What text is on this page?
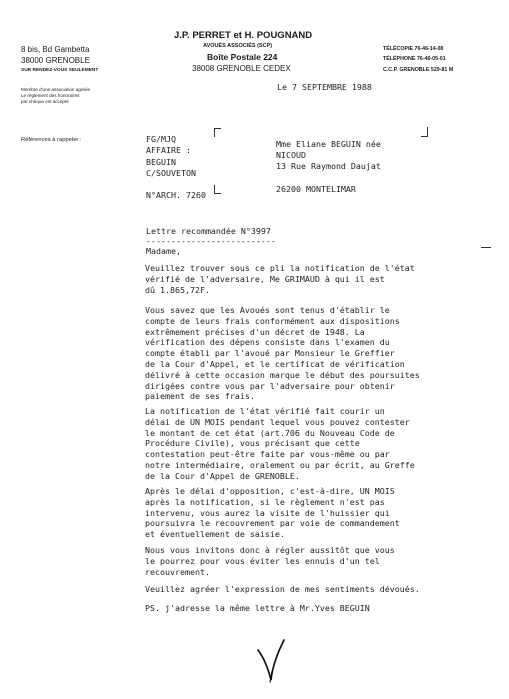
J.P. PERRET et H. POUGNAND
AVOUÉS ASSOCIÉS (SCP)
Boîte Postale 224
38008 GRENOBLE CEDEX
8 bis, Bd Gambetta
38000 GRENOBLE
SUR RENDEZ-VOUS SEULEMENT
TÉLÉCOPIE 76-46-14-08
TÉLÉPHONE 76-46-05-01
C.C.P. GRENOBLE 529-81 M
Membre d'une association agréée
Le règlement des honoraires
par chèque est accepté
Références à rappeler :
Le 7 SEPTEMBRE 1988
FG/MJQ
AFFAIRE :
BEGUIN
C/SOUVETON
N°ARCH. 7260
Mme Eliane BEGUIN née
NICOUD
13 Rue Raymond Daujat
26200 MONTELIMAR
Lettre recommandée N°3997
--------------------------
Madame,
Veuillez trouver sous ce pli la notification de l'état
vérifié de l'adversaire, Me GRIMAUD à qui il est
dû 1.865,72F.
Vous savez que les Avoués sont tenus d'établir le
compte de leurs frais conformément aux dispositions
extrêmement précises d'un décret de 1948. La
vérification des dépens consiste dans l'examen du
compte établi par l'avoué par Monsieur le Greffier
de la Cour d'Appel, et le certificat de vérification
délivré à cette occasion marque le début des poursuites
dirigées contre vous par l'adversaire pour obtenir
paiement de ses frais.
La notification de l'état vérifié fait courir un
délai de UN MOIS pendant lequel vous pouvez contester
le montant de cet état (art.706 du Nouveau Code de
Procédure Civile), vous précisant que cette
contestation peut-être faite par vous-même ou par
notre intermédiaire, oralement ou par écrit, au Greffe
de la Cour d'Appel de GRENOBLE.
Après le délai d'opposition, c'est-à-dire, UN MOIS
après la notification, si le règlement n'est pas
intervenu, vous aurez la visite de l'huissier qui
poursuivra le recouvrement par voie de commandement
et éventuellement de saisie.
Nous vous invitons donc à régler aussitôt que vous
le pourrez pour vous éviter les ennuis d'un tel
recouvrement.
Veuillez agréer l'expression de mes sentiments dévoués.
PS. j'adresse la même lettre à Mr.Yves BEGUIN
